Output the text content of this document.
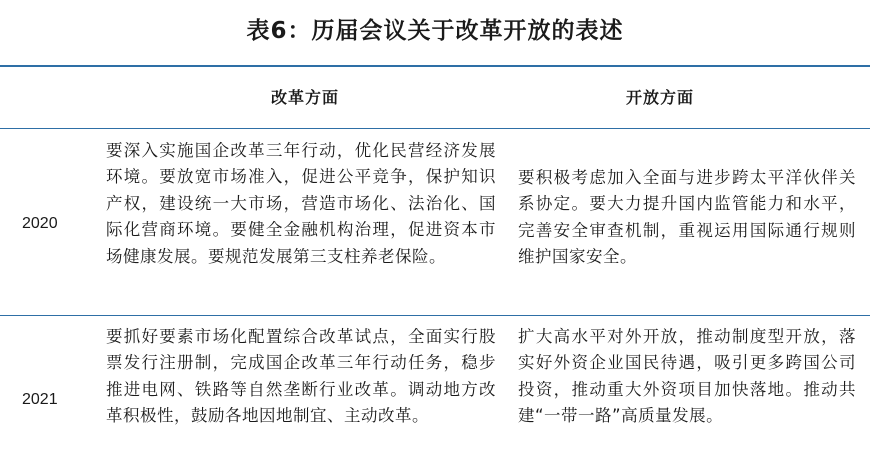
表6：历届会议关于改革开放的表述
改革方面	开放方面
2020
要深入实施国企改革三年行动，优化民营经济发展环境。要放宽市场准入，促进公平竞争，保护知识产权，建设统一大市场，营造市场化、法治化、国际化营商环境。要健全金融机构治理，促进资本市场健康发展。要规范发展第三支柱养老保险。
要积极考虑加入全面与进步跨太平洋伙伴关系协定。要大力提升国内监管能力和水平，完善安全审查机制，重视运用国际通行规则维护国家安全。
2021
要抓好要素市场化配置综合改革试点，全面实行股票发行注册制，完成国企改革三年行动任务，稳步推进电网、铁路等自然垄断行业改革。调动地方改革积极性，鼓励各地因地制宜、主动改革。
扩大高水平对外开放，推动制度型开放，落实好外资企业国民待遇，吸引更多跨国公司投资，推动重大外资项目加快落地。推动共建“一带一路”高质量发展。
